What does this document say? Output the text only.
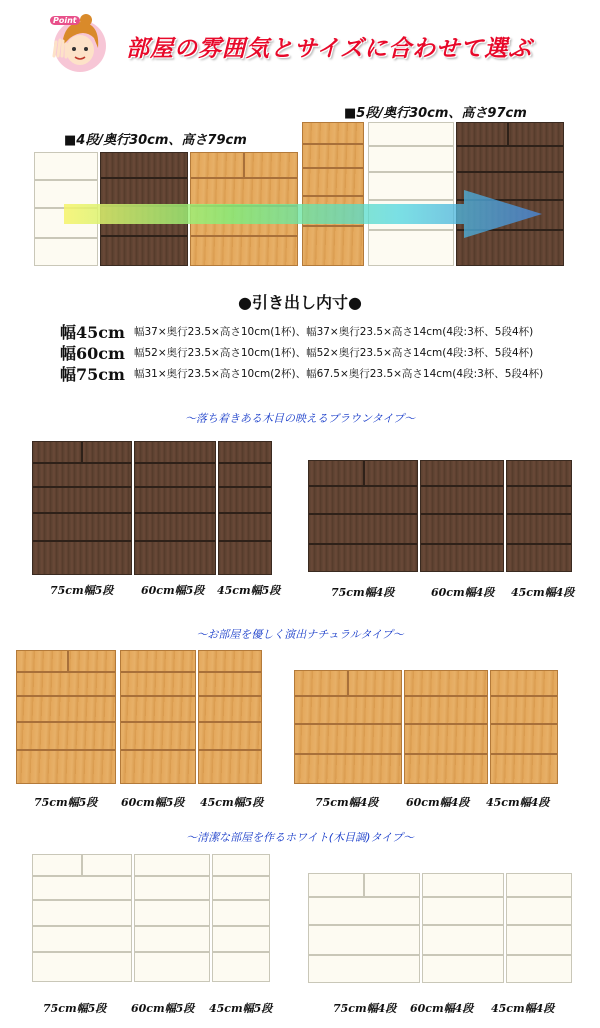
Point
部屋の雰囲気とサイズに合わせて選ぶ
■5段/奥行30cm、高さ97cm
■4段/奥行30cm、高さ79cm
●引き出し内寸●
幅45cm 幅37×奥行23.5×高さ10cm(1杯)、幅37×奥行23.5×高さ14cm(4段:3杯、5段4杯)
幅60cm 幅52×奥行23.5×高さ10cm(1杯)、幅52×奥行23.5×高さ14cm(4段:3杯、5段4杯)
幅75cm 幅31×奥行23.5×高さ10cm(2杯)、幅67.5×奥行23.5×高さ14cm(4段:3杯、5段4杯)
～落ち着きある木目の映えるブラウンタイプ～
75cm幅5段	60cm幅5段 45cm幅5段	75cm幅4段	60cm幅4段 45cm幅4段
～お部屋を優しく演出ナチュラルタイプ～
75cm幅5段 60cm幅5段 45cm幅5段	75cm幅4段	60cm幅4段 45cm幅4段
～清潔な部屋を作るホワイト(木目調)タイプ～
75cm幅5段 60cm幅5段 45cm幅5段	75cm幅4段 60cm幅4段 45cm幅4段
